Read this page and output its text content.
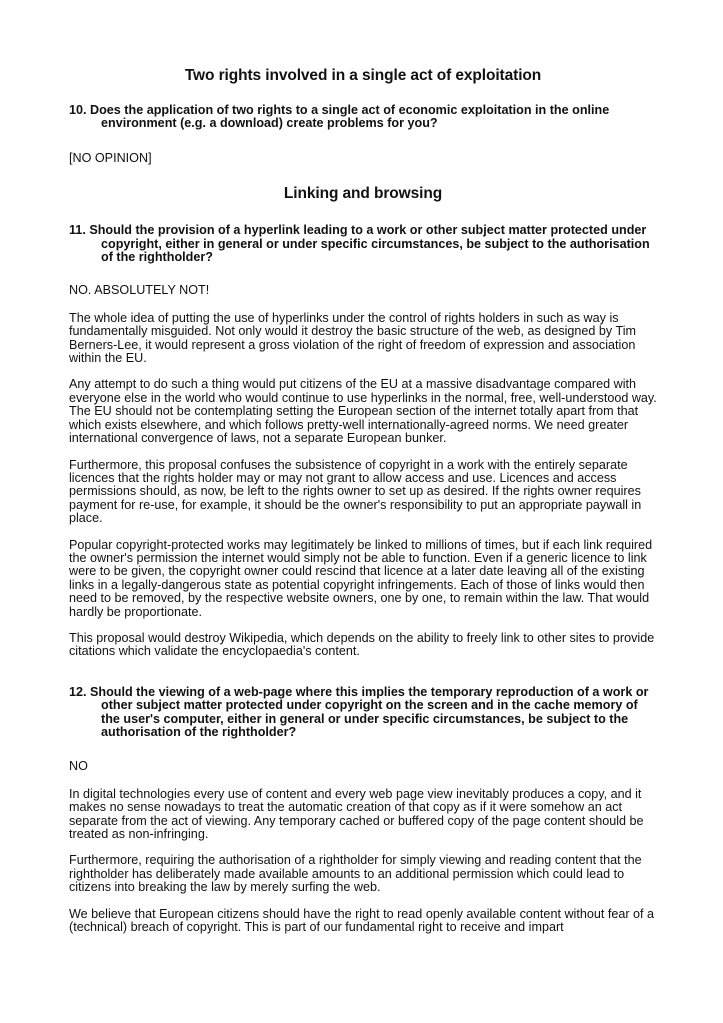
Two rights involved in a single act of exploitation
10. Does the application of two rights to a single act of economic exploitation in the online environment (e.g. a download) create problems for you?

[NO OPINION]

Linking and browsing
11. Should the provision of a hyperlink leading to a work or other subject matter protected under copyright, either in general or under specific circumstances, be subject to the authorisation of the rightholder?

NO. ABSOLUTELY NOT!

The whole idea of putting the use of hyperlinks under the control of rights holders in such as way is fundamentally misguided. Not only would it destroy the basic structure of the web, as designed by Tim Berners-Lee, it would represent a gross violation of the right of freedom of expression and association within the EU.

Any attempt to do such a thing would put citizens of the EU at a massive disadvantage compared with everyone else in the world who would continue to use hyperlinks in the normal, free, well-understood way. The EU should not be contemplating setting the European section of the internet totally apart from that which exists elsewhere, and which follows pretty-well internationally-agreed norms. We need greater international convergence of laws, not a separate European bunker.

Furthermore, this proposal confuses the subsistence of copyright in a work with the entirely separate licences that the rights holder may or may not grant to allow access and use. Licences and access permissions should, as now, be left to the rights owner to set up as desired. If the rights owner requires payment for re-use, for example, it should be the owner's responsibility to put an appropriate paywall in place.

Popular copyright-protected works may legitimately be linked to millions of times, but if each link required the owner's permission the internet would simply not be able to function. Even if a generic licence to link were to be given, the copyright owner could rescind that licence at a later date leaving all of the existing links in a legally-dangerous state as potential copyright infringements. Each of those of links would then need to be removed, by the respective website owners, one by one, to remain within the law. That would hardly be proportionate.

This proposal would destroy Wikipedia, which depends on the ability to freely link to other sites to provide citations which validate the encyclopaedia's content.

12. Should the viewing of a web-page where this implies the temporary reproduction of a work or other subject matter protected under copyright on the screen and in the cache memory of the user's computer, either in general or under specific circumstances, be subject to the authorisation of the rightholder?

NO

In digital technologies every use of content and every web page view inevitably produces a copy, and it makes no sense nowadays to treat the automatic creation of that copy as if it were somehow an act separate from the act of viewing. Any temporary cached or buffered copy of the page content should be treated as non-infringing.

Furthermore, requiring the authorisation of a rightholder for simply viewing and reading content that the rightholder has deliberately made available amounts to an additional permission which could lead to citizens into breaking the law by merely surfing the web.

We believe that European citizens should have the right to read openly available content without fear of a (technical) breach of copyright. This is part of our fundamental right to receive and impart
